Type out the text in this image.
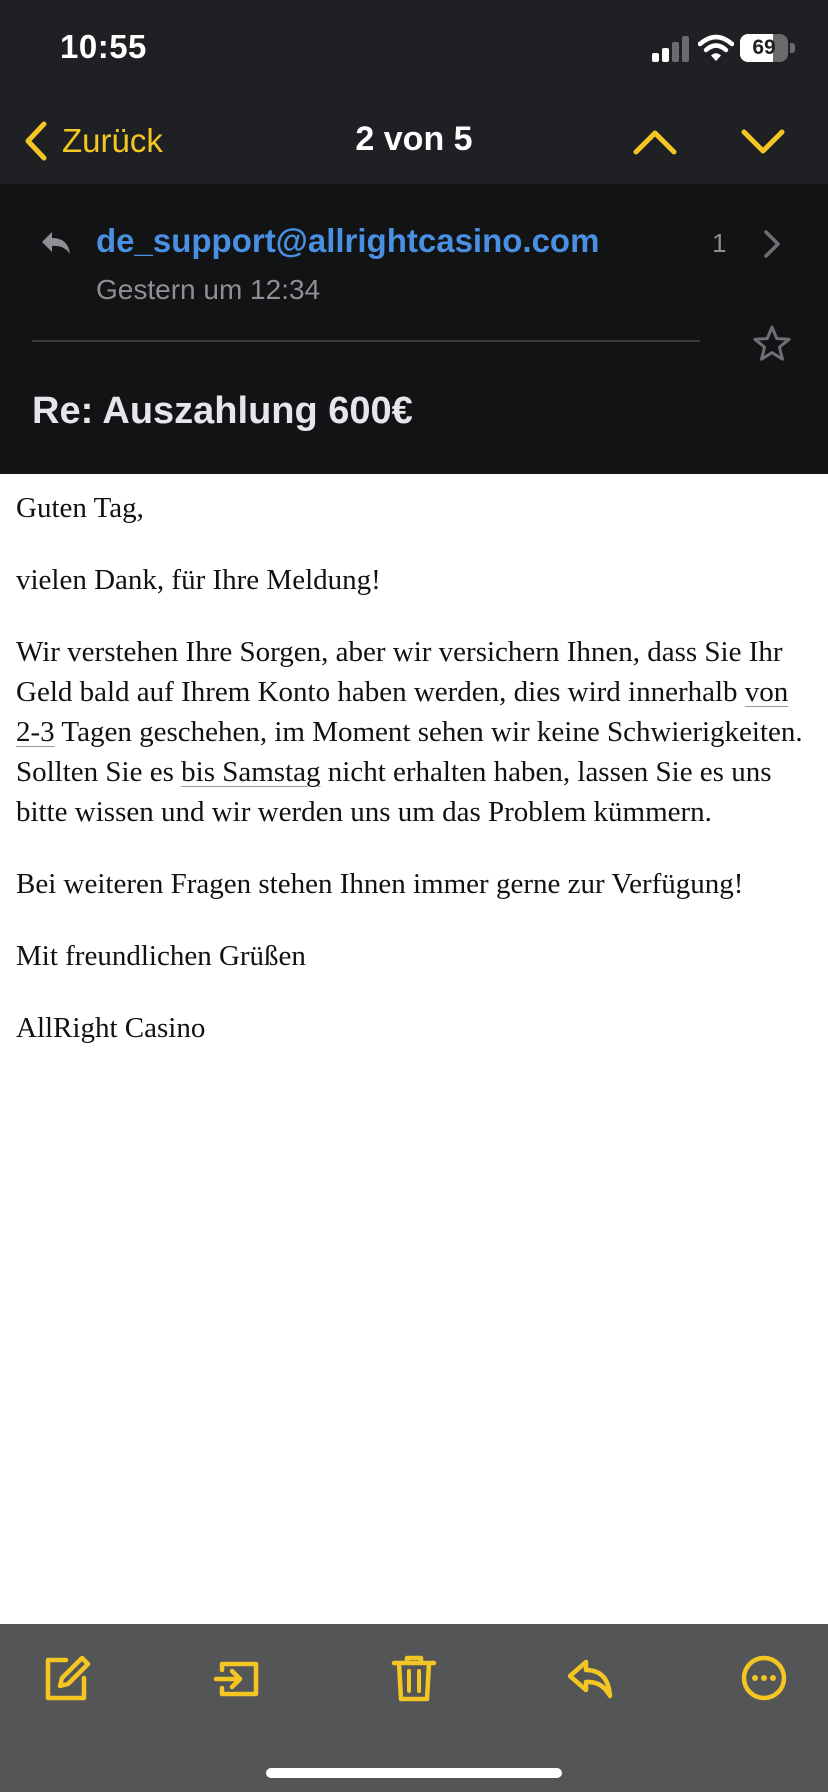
10:55	69
Zurück	2 von 5
de_support@allrightcasino.com
Gestern um 12:34
1
Re: Auszahlung 600€

Guten Tag,

vielen Dank, für Ihre Meldung!

Wir verstehen Ihre Sorgen, aber wir versichern Ihnen, dass Sie Ihr Geld bald auf Ihrem Konto haben werden, dies wird innerhalb von 2-3 Tagen geschehen, im Moment sehen wir keine Schwierigkeiten. Sollten Sie es bis Samstag nicht erhalten haben, lassen Sie es uns bitte wissen und wir werden uns um das Problem kümmern.

Bei weiteren Fragen stehen Ihnen immer gerne zur Verfügung!

Mit freundlichen Grüßen

AllRight Casino
